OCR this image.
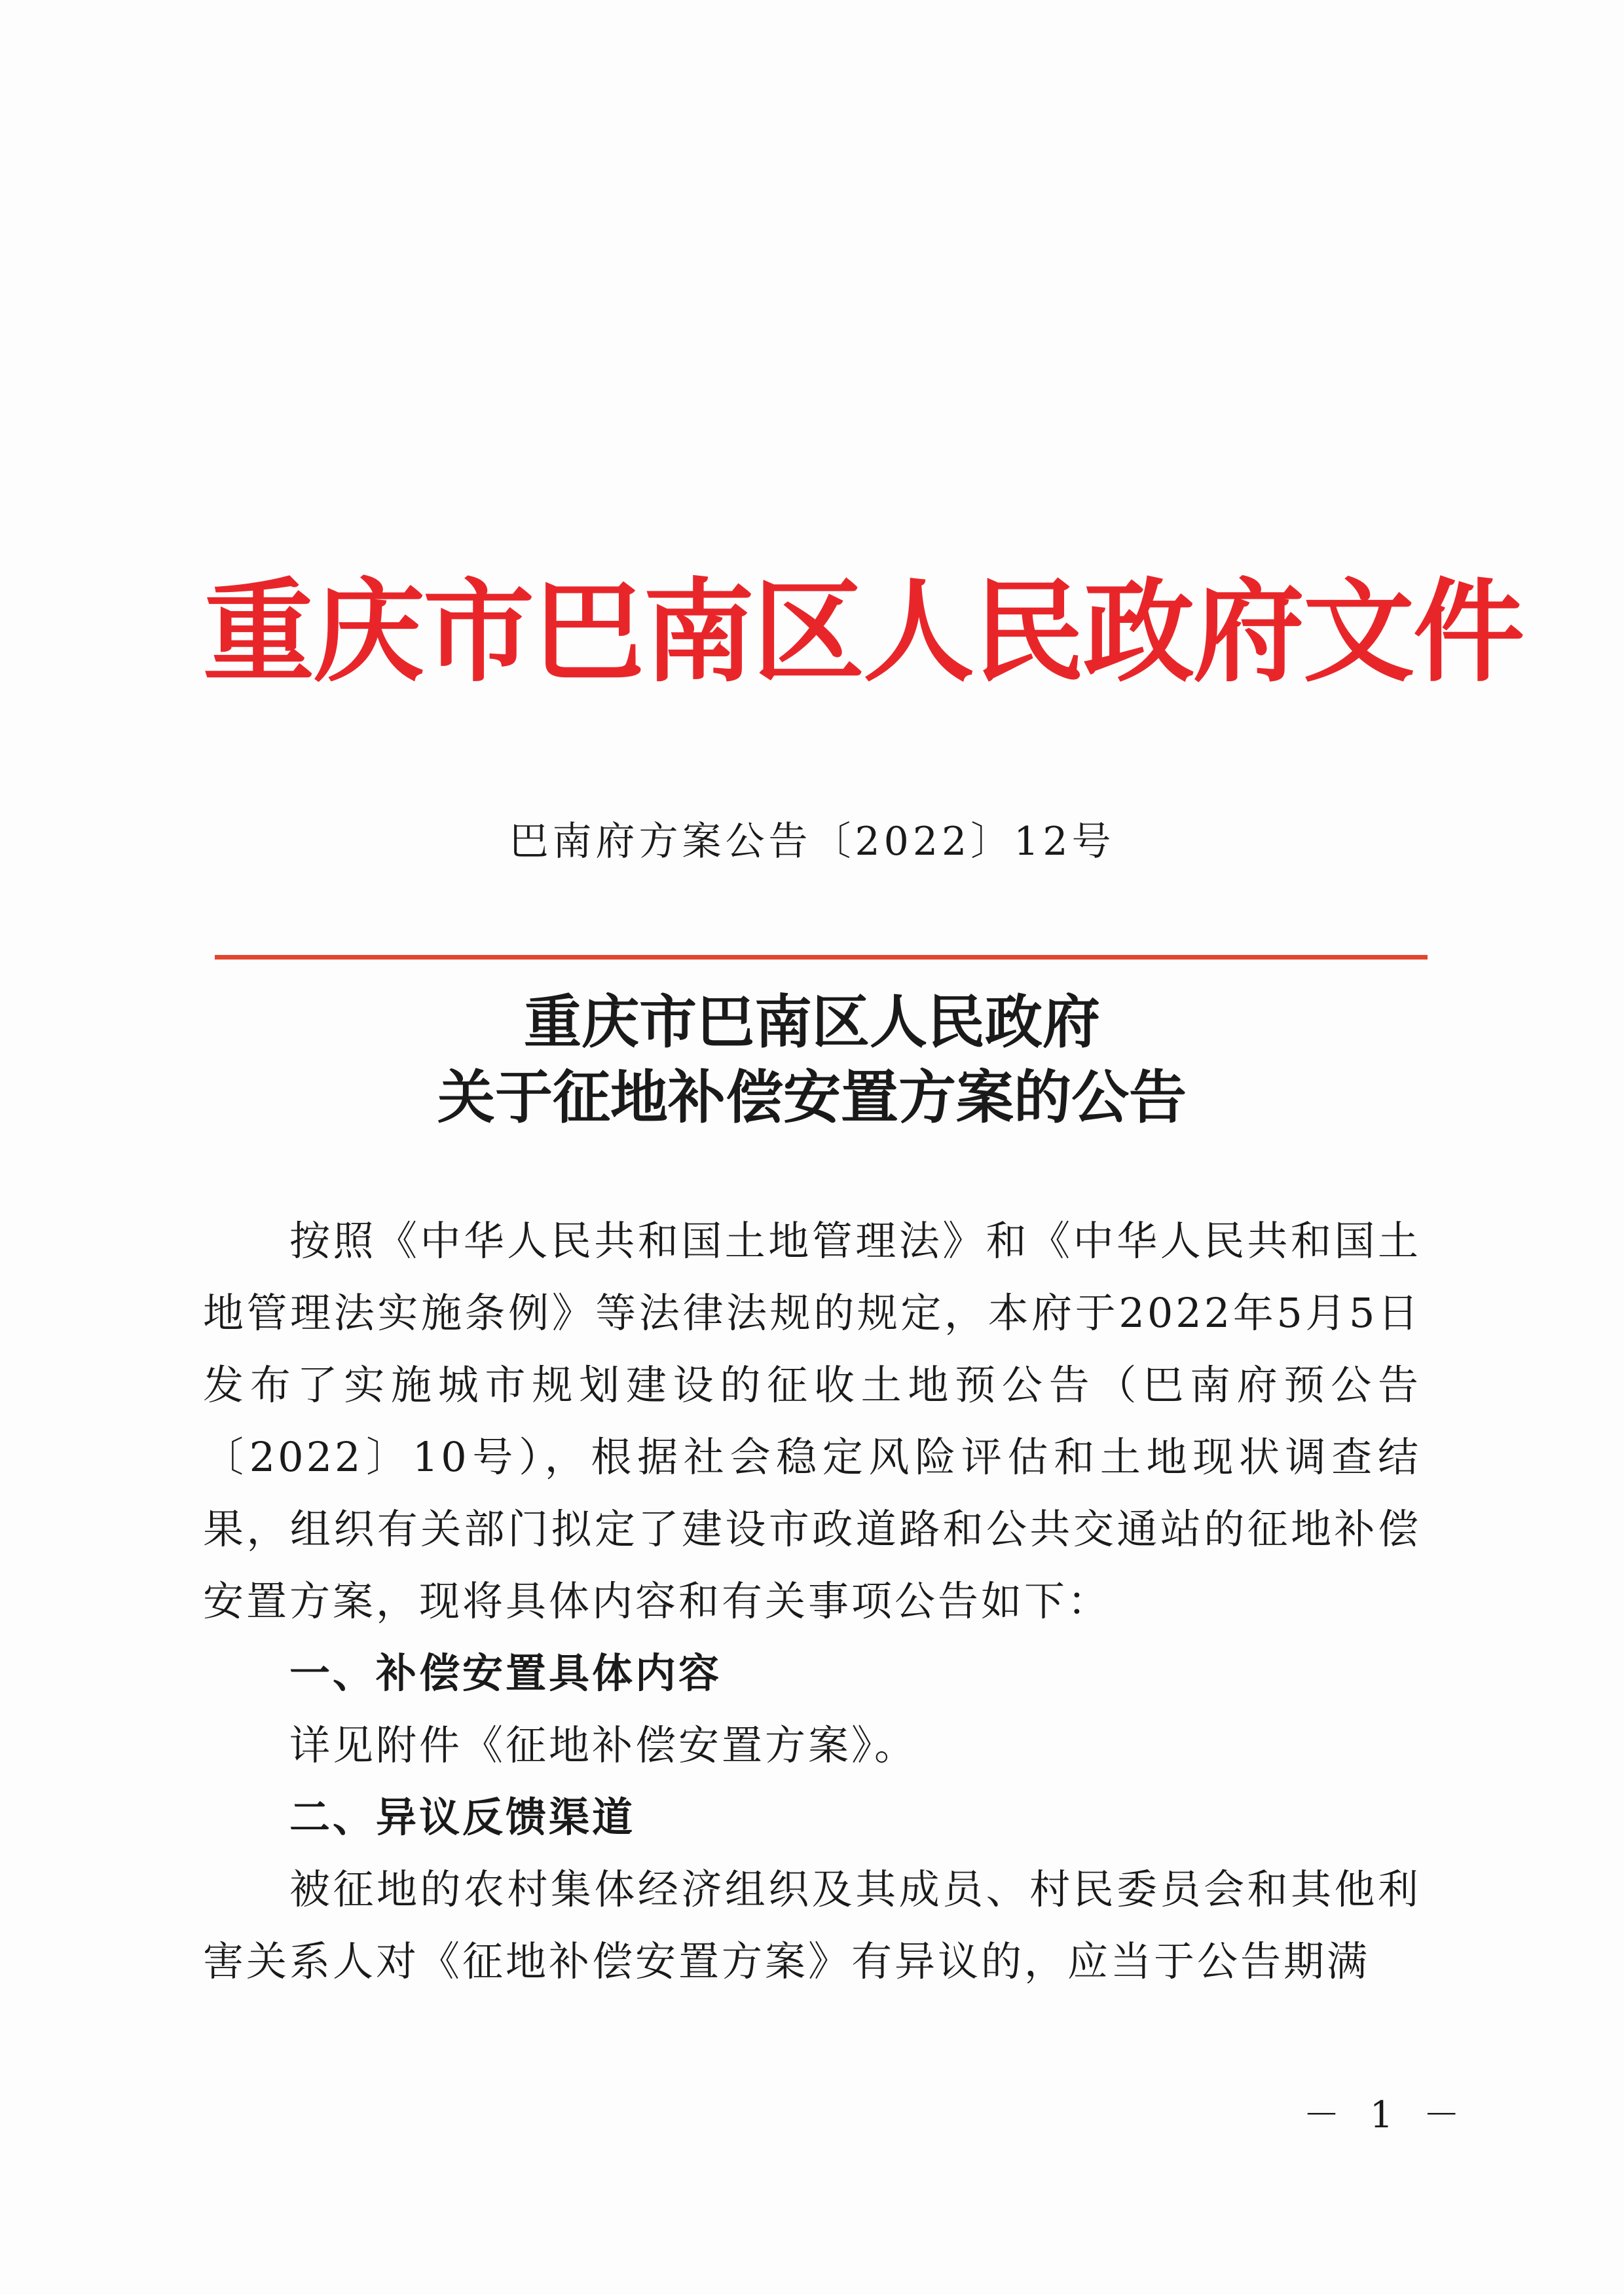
重庆市巴南区人民政府文件
巴南府方案公告〔2022〕12号
重庆市巴南区人民政府
关于征地补偿安置方案的公告

按照《中华人民共和国土地管理法》和《中华人民共和国土地管理法实施条例》等法律法规的规定，本府于2022年5月5日发布了实施城市规划建设的征收土地预公告（巴南府预公告〔2022〕10号），根据社会稳定风险评估和土地现状调查结果，组织有关部门拟定了建设市政道路和公共交通站的征地补偿安置方案，现将具体内容和有关事项公告如下：

一、补偿安置具体内容

详见附件《征地补偿安置方案》。

二、异议反馈渠道

被征地的农村集体经济组织及其成员、村民委员会和其他利害关系人对《征地补偿安置方案》有异议的，应当于公告期满

－ 1 －
